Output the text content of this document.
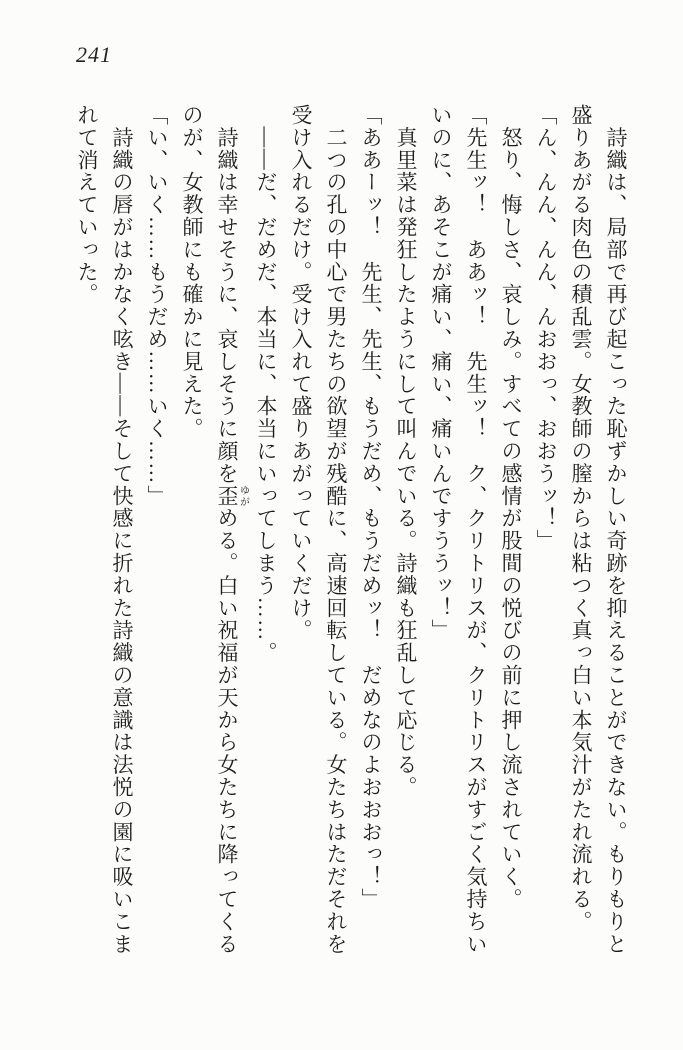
241

　詩織は、局部で再び起こった恥ずかしい奇跡を抑えることができない。もりもりと盛りあがる肉色の積乱雲。女教師の膣からは粘つく真っ白い本気汁がたれ流れる。

「ん、んん、んん、んおおっ、おおうッ！」

　怒り、悔しさ、哀しみ。すべての感情が股間の悦びの前に押し流されていく。

「先生ッ！　ああッ！　先生ッ！　ク、クリトリスが、クリトリスがすごく気持ちいいのに、あそこが痛い、痛い、痛いんですううッ！」

　真里菜は発狂したようにして叫んでいる。詩織も狂乱して応じる。

「ああーッ！　先生、先生、もうだめ、もうだめッ！　だめなのよおおおっ！」

　二つの孔の中心で男たちの欲望が残酷に、高速回転している。女たちはただそれを受け入れるだけ。受け入れて盛りあがっていくだけ。

　――だ、だめだ、本当に、本当にいってしまう……。

　詩織は幸せそうに、哀しそうに顔を歪ゆがめる。白い祝福が天から女たちに降ってくるのが、女教師にも確かに見えた。

「い、いく……もうだめ……いく……」

　詩織の唇がはかなく呟き――そして快感に折れた詩織の意識は法悦の園に吸いこまれて消えていった。
